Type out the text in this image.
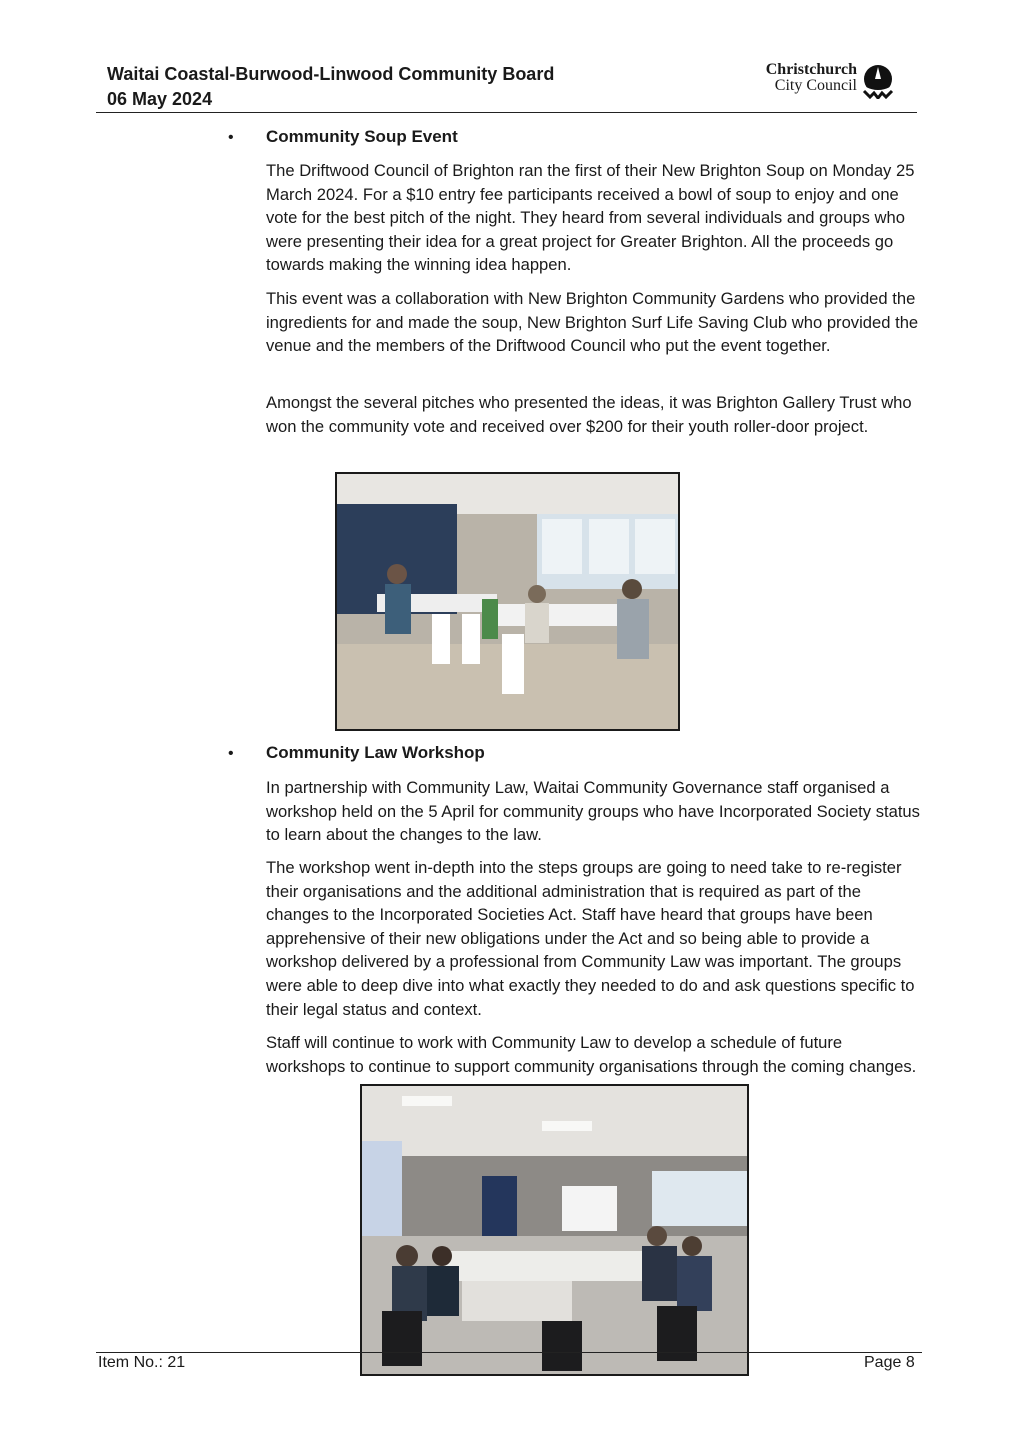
Waitai Coastal-Burwood-Linwood Community Board
06 May 2024
Christchurch
City Council
• Community Soup Event

The Driftwood Council of Brighton ran the first of their New Brighton Soup on Monday 25 March 2024. For a $10 entry fee participants received a bowl of soup to enjoy and one vote for the best pitch of the night. They heard from several individuals and groups who were presenting their idea for a great project for Greater Brighton. All the proceeds go towards making the winning idea happen.

This event was a collaboration with New Brighton Community Gardens who provided the ingredients for and made the soup, New Brighton Surf Life Saving Club who provided the venue and the members of the Driftwood Council who put the event together.

Amongst the several pitches who presented the ideas, it was Brighton Gallery Trust who won the community vote and received over $200 for their youth roller-door project.

• Community Law Workshop

In partnership with Community Law, Waitai Community Governance staff organised a workshop held on the 5 April for community groups who have Incorporated Society status to learn about the changes to the law.

The workshop went in-depth into the steps groups are going to need take to re-register their organisations and the additional administration that is required as part of the changes to the Incorporated Societies Act. Staff have heard that groups have been apprehensive of their new obligations under the Act and so being able to provide a workshop delivered by a professional from Community Law was important. The groups were able to deep dive into what exactly they needed to do and ask questions specific to their legal status and context.

Staff will continue to work with Community Law to develop a schedule of future workshops to continue to support community organisations through the coming changes.

Item No.: 21	Page 8
